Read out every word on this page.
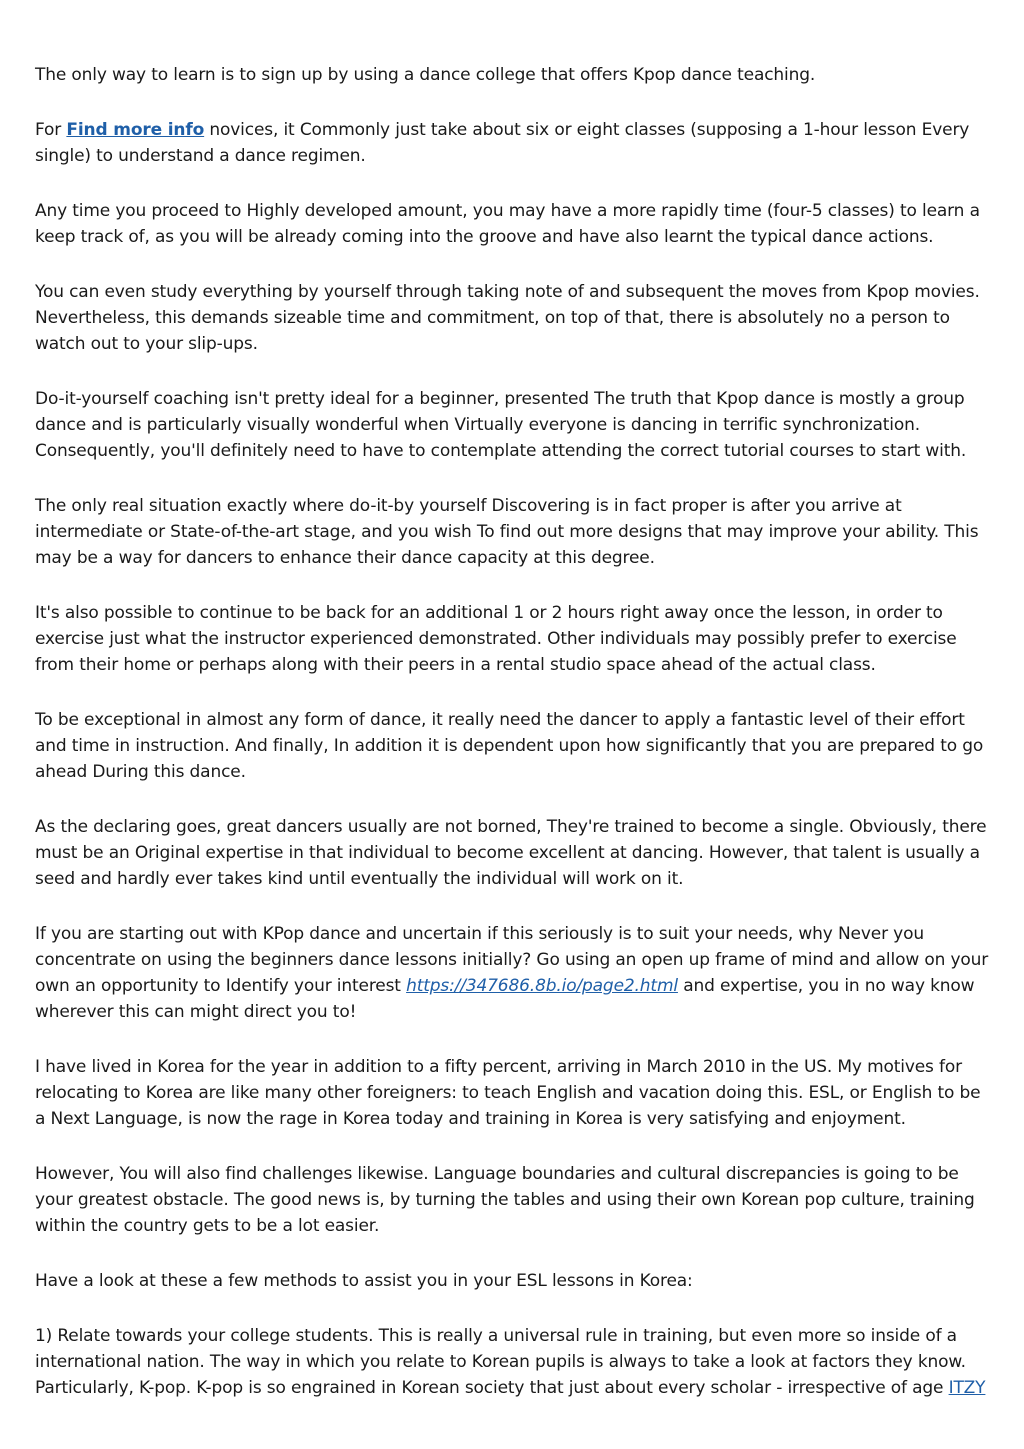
The only way to learn is to sign up by using a dance college that offers Kpop dance teaching.

For Find more info novices, it Commonly just take about six or eight classes (supposing a 1-hour lesson Every single) to understand a dance regimen.

Any time you proceed to Highly developed amount, you may have a more rapidly time (four-5 classes) to learn a keep track of, as you will be already coming into the groove and have also learnt the typical dance actions.

You can even study everything by yourself through taking note of and subsequent the moves from Kpop movies. Nevertheless, this demands sizeable time and commitment, on top of that, there is absolutely no a person to watch out to your slip-ups.

Do-it-yourself coaching isn't pretty ideal for a beginner, presented The truth that Kpop dance is mostly a group dance and is particularly visually wonderful when Virtually everyone is dancing in terrific synchronization. Consequently, you'll definitely need to have to contemplate attending the correct tutorial courses to start with.

The only real situation exactly where do-it-by yourself Discovering is in fact proper is after you arrive at intermediate or State-of-the-art stage, and you wish To find out more designs that may improve your ability. This may be a way for dancers to enhance their dance capacity at this degree.

It's also possible to continue to be back for an additional 1 or 2 hours right away once the lesson, in order to exercise just what the instructor experienced demonstrated. Other individuals may possibly prefer to exercise from their home or perhaps along with their peers in a rental studio space ahead of the actual class.

To be exceptional in almost any form of dance, it really need the dancer to apply a fantastic level of their effort and time in instruction. And finally, In addition it is dependent upon how significantly that you are prepared to go ahead During this dance.

As the declaring goes, great dancers usually are not borned, They're trained to become a single. Obviously, there must be an Original expertise in that individual to become excellent at dancing. However, that talent is usually a seed and hardly ever takes kind until eventually the individual will work on it.

If you are starting out with KPop dance and uncertain if this seriously is to suit your needs, why Never you concentrate on using the beginners dance lessons initially? Go using an open up frame of mind and allow on your own an opportunity to Identify your interest https://347686.8b.io/page2.html and expertise, you in no way know wherever this can might direct you to!

I have lived in Korea for the year in addition to a fifty percent, arriving in March 2010 in the US. My motives for relocating to Korea are like many other foreigners: to teach English and vacation doing this. ESL, or English to be a Next Language, is now the rage in Korea today and training in Korea is very satisfying and enjoyment.

However, You will also find challenges likewise. Language boundaries and cultural discrepancies is going to be your greatest obstacle. The good news is, by turning the tables and using their own Korean pop culture, training within the country gets to be a lot easier.

Have a look at these a few methods to assist you in your ESL lessons in Korea:

1) Relate towards your college students. This is really a universal rule in training, but even more so inside of a international nation. The way in which you relate to Korean pupils is always to take a look at factors they know. Particularly, K-pop. K-pop is so engrained in Korean society that just about every scholar - irrespective of age ITZY
